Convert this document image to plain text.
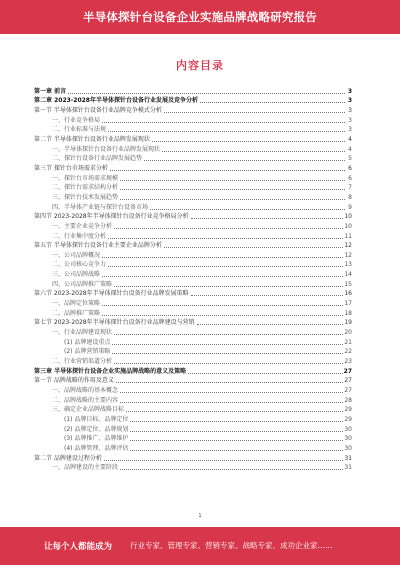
半导体探针台设备企业实施品牌战略研究报告
内容目录
第一章 前言	3
第二章 2023-2028年半导体探针台设备行业发展及竞争分析	3
第一节 半导体探针台设备行业品牌竞争模式分析	3
一、行业竞争格局	3
二、行业标准与法规	3
第二节 半导体探针台设备行业品牌发展现状	4
一、半导体探针台设备行业品牌发展现状	4
二、探针台设备行业品牌发展趋势	5
第三节 探针台市场需求分析	6
一、探针台市场需求规模	6
二、探针台需求结构分析	7
三、探针台技术发展趋势	8
四、半导体产业链与探针台设备市场	9
第四节 2023-2028年半导体探针台设备行业竞争格局分析	10
一、主要企业竞争分析	10
二、行业集中度分析	11
第五节 半导体探针台设备行业主要企业品牌分析	12
一、公司品牌概况	12
二、公司核心竞争力	13
三、公司品牌战略	14
四、公司品牌推广策略	15
第六节 2023-2028年半导体探针台设备行业品牌发展策略	16
一、品牌定位策略	17
二、品牌推广策略	18
第七节 2023-2028年半导体探针台设备行业品牌建设与营销	19
一、行业品牌建设现状	20
(1) 品牌建设重点	21
(2) 品牌营销策略	22
二、行业营销渠道分析	23
第三章 半导体探针台设备企业实施品牌战略的意义及策略	27
第一节 品牌战略的作用及意义	27
一、品牌战略的基本概念	27
二、品牌战略的主要内容	28
三、确定企业品牌战略目标	29
(1) 品牌目标、品牌定位	29
(2) 品牌定位、品牌规划	30
(3) 品牌推广、品牌维护	30
(4) 品牌管理、品牌评估	30
第二节 品牌建设过程分析	31
一、品牌建设的主要阶段	31
1
让每个人都能成为 行业专家、管理专家、营销专家、战略专家、成功企业家……
